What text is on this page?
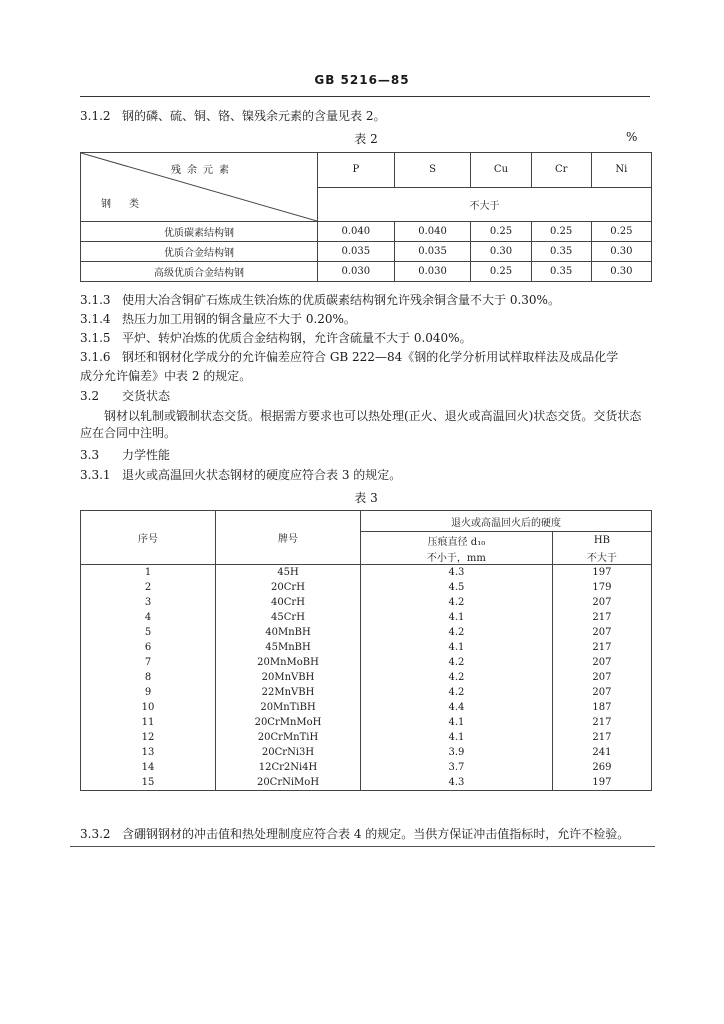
GB 5216—85
3.1.2 钢的磷、硫、铜、铬、镍残余元素的含量见表 2。
表 2	%
残余元素
钢类	P	S	Cu	Cr	Ni
	不大于				
优质碳素结构钢	0.040	0.040	0.25	0.25	0.25
优质合金结构钢	0.035	0.035	0.30	0.35	0.30
高级优质合金结构钢	0.030	0.030	0.25	0.35	0.30
3.1.3 使用大冶含铜矿石炼成生铁冶炼的优质碳素结构钢允许残余铜含量不大于 0.30%。
3.1.4 热压力加工用钢的铜含量应不大于 0.20%。
3.1.5 平炉、转炉冶炼的优质合金结构钢，允许含硫量不大于 0.040%。
3.1.6 钢坯和钢材化学成分的允许偏差应符合 GB 222—84《钢的化学分析用试样取样法及成品化学
成分允许偏差》中表 2 的规定。
3.2 交货状态
钢材以轧制或锻制状态交货。根据需方要求也可以热处理(正火、退火或高温回火)状态交货。交货状态应在合同中注明。
3.3 力学性能
3.3.1 退火或高温回火状态钢材的硬度应符合表 3 的规定。
表 3
序号	牌号	退火或高温回火后的硬度	
		压痕直径 d₁₀	HB
		不小于，mm	不大于
1	45H	4.3	197
2	20CrH	4.5	179
3	40CrH	4.2	207
4	45CrH	4.1	217
5	40MnBH	4.2	207
6	45MnBH	4.1	217
7	20MnMoBH	4.2	207
8	20MnVBH	4.2	207
9	22MnVBH	4.2	207
10	20MnTiBH	4.4	187
11	20CrMnMoH	4.1	217
12	20CrMnTiH	4.1	217
13	20CrNi3H	3.9	241
14	12Cr2Ni4H	3.7	269
15	20CrNiMoH	4.3	197
3.3.2 含硼钢钢材的冲击值和热处理制度应符合表 4 的规定。当供方保证冲击值指标时，允许不检验。
